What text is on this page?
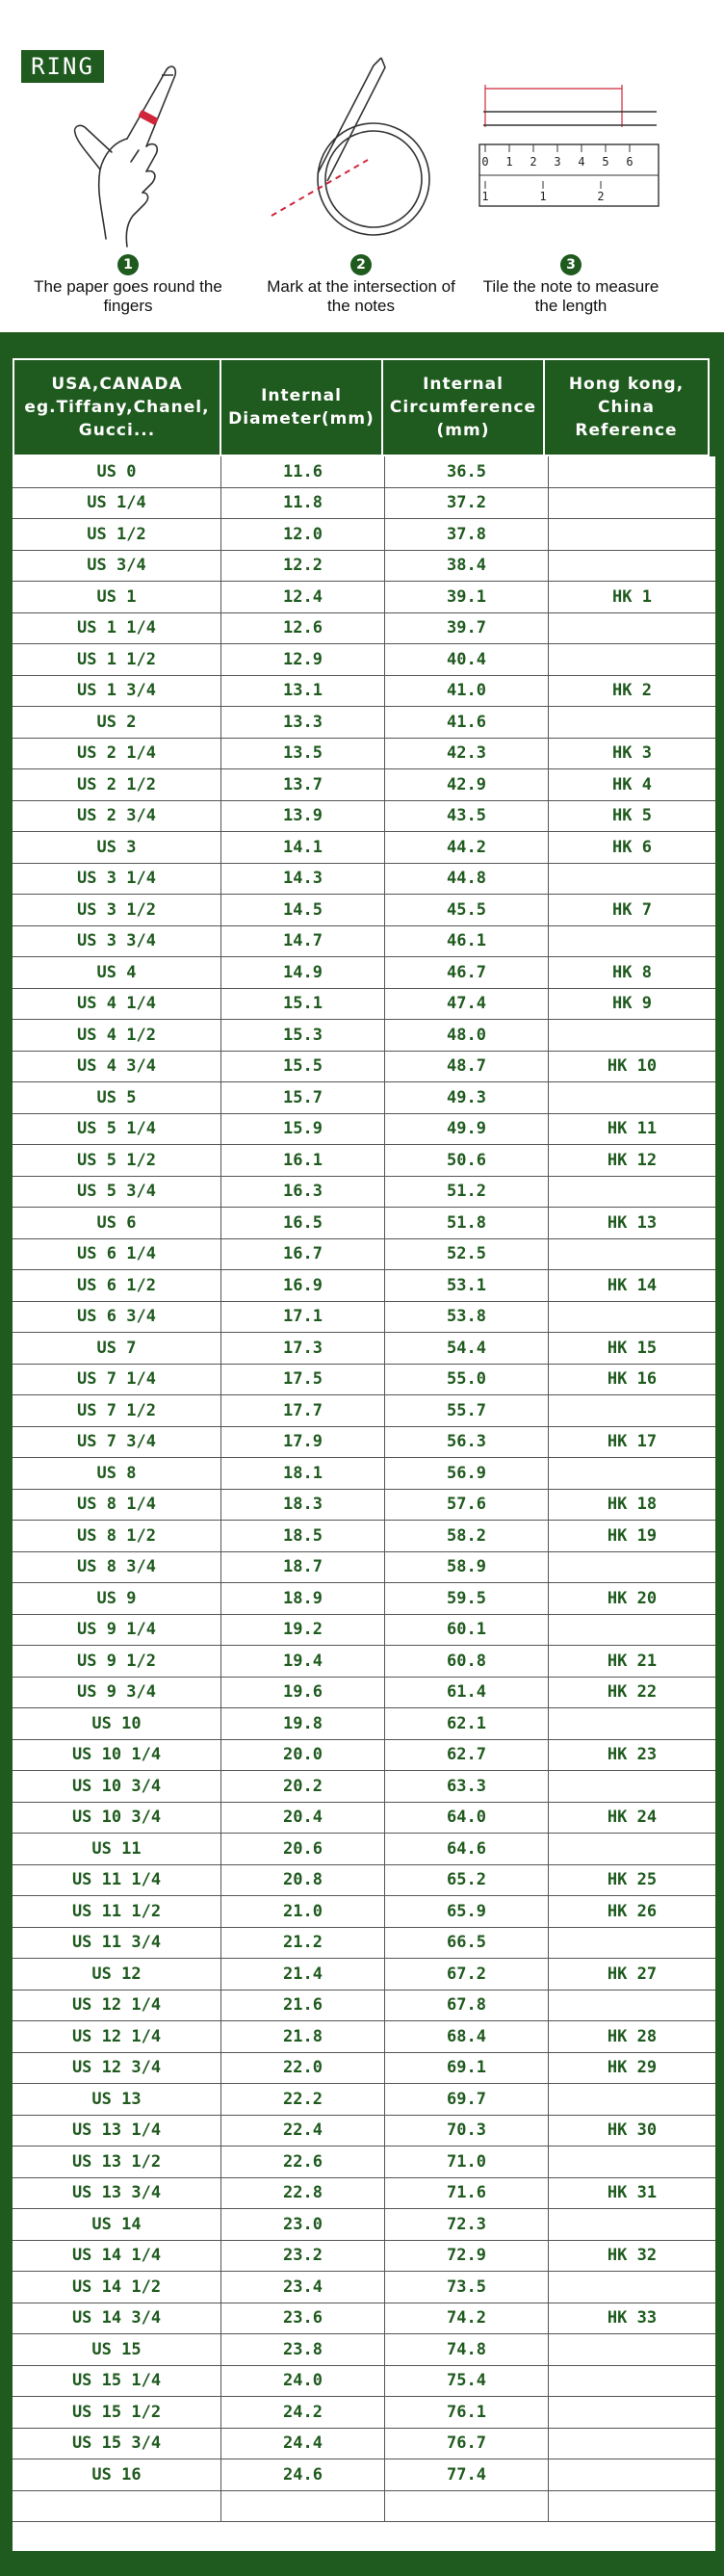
RING
0 1 2 3 4 5 6
1	1	2
1
The paper goes round the fingers
2
Mark at the intersection of the notes
3
Tile the note to measure the length
USA,CANADA eg.Tiffany,Chanel, Gucci...
Internal Diameter(mm)
Internal Circumference (mm)
Hong kong, China Reference
US 0	11.6	36.5
US 1/4	11.8	37.2
US 1/2	12.0	37.8
US 3/4	12.2	38.4
US 1	12.4	39.1	HK 1
US 1 1/4	12.6	39.7
US 1 1/2	12.9	40.4
US 1 3/4	13.1	41.0	HK 2
US 2	13.3	41.6
US 2 1/4	13.5	42.3	HK 3
US 2 1/2	13.7	42.9	HK 4
US 2 3/4	13.9	43.5	HK 5
US 3	14.1	44.2	HK 6
US 3 1/4	14.3	44.8
US 3 1/2	14.5	45.5	HK 7
US 3 3/4	14.7	46.1
US 4	14.9	46.7	HK 8
US 4 1/4	15.1	47.4	HK 9
US 4 1/2	15.3	48.0
US 4 3/4	15.5	48.7	HK 10
US 5	15.7	49.3
US 5 1/4	15.9	49.9	HK 11
US 5 1/2	16.1	50.6	HK 12
US 5 3/4	16.3	51.2
US 6	16.5	51.8	HK 13
US 6 1/4	16.7	52.5
US 6 1/2	16.9	53.1	HK 14
US 6 3/4	17.1	53.8
US 7	17.3	54.4	HK 15
US 7 1/4	17.5	55.0	HK 16
US 7 1/2	17.7	55.7
US 7 3/4	17.9	56.3	HK 17
US 8	18.1	56.9
US 8 1/4	18.3	57.6	HK 18
US 8 1/2	18.5	58.2	HK 19
US 8 3/4	18.7	58.9
US 9	18.9	59.5	HK 20
US 9 1/4	19.2	60.1
US 9 1/2	19.4	60.8	HK 21
US 9 3/4	19.6	61.4	HK 22
US 10	19.8	62.1
US 10 1/4	20.0	62.7	HK 23
US 10 3/4	20.2	63.3
US 10 3/4	20.4	64.0	HK 24
US 11	20.6	64.6
US 11 1/4	20.8	65.2	HK 25
US 11 1/2	21.0	65.9	HK 26
US 11 3/4	21.2	66.5
US 12	21.4	67.2	HK 27
US 12 1/4	21.6	67.8
US 12 1/4	21.8	68.4	HK 28
US 12 3/4	22.0	69.1	HK 29
US 13	22.2	69.7
US 13 1/4	22.4	70.3	HK 30
US 13 1/2	22.6	71.0
US 13 3/4	22.8	71.6	HK 31
US 14	23.0	72.3
US 14 1/4	23.2	72.9	HK 32
US 14 1/2	23.4	73.5
US 14 3/4	23.6	74.2	HK 33
US 15	23.8	74.8
US 15 1/4	24.0	75.4
US 15 1/2	24.2	76.1
US 15 3/4	24.4	76.7
US 16	24.6	77.4
